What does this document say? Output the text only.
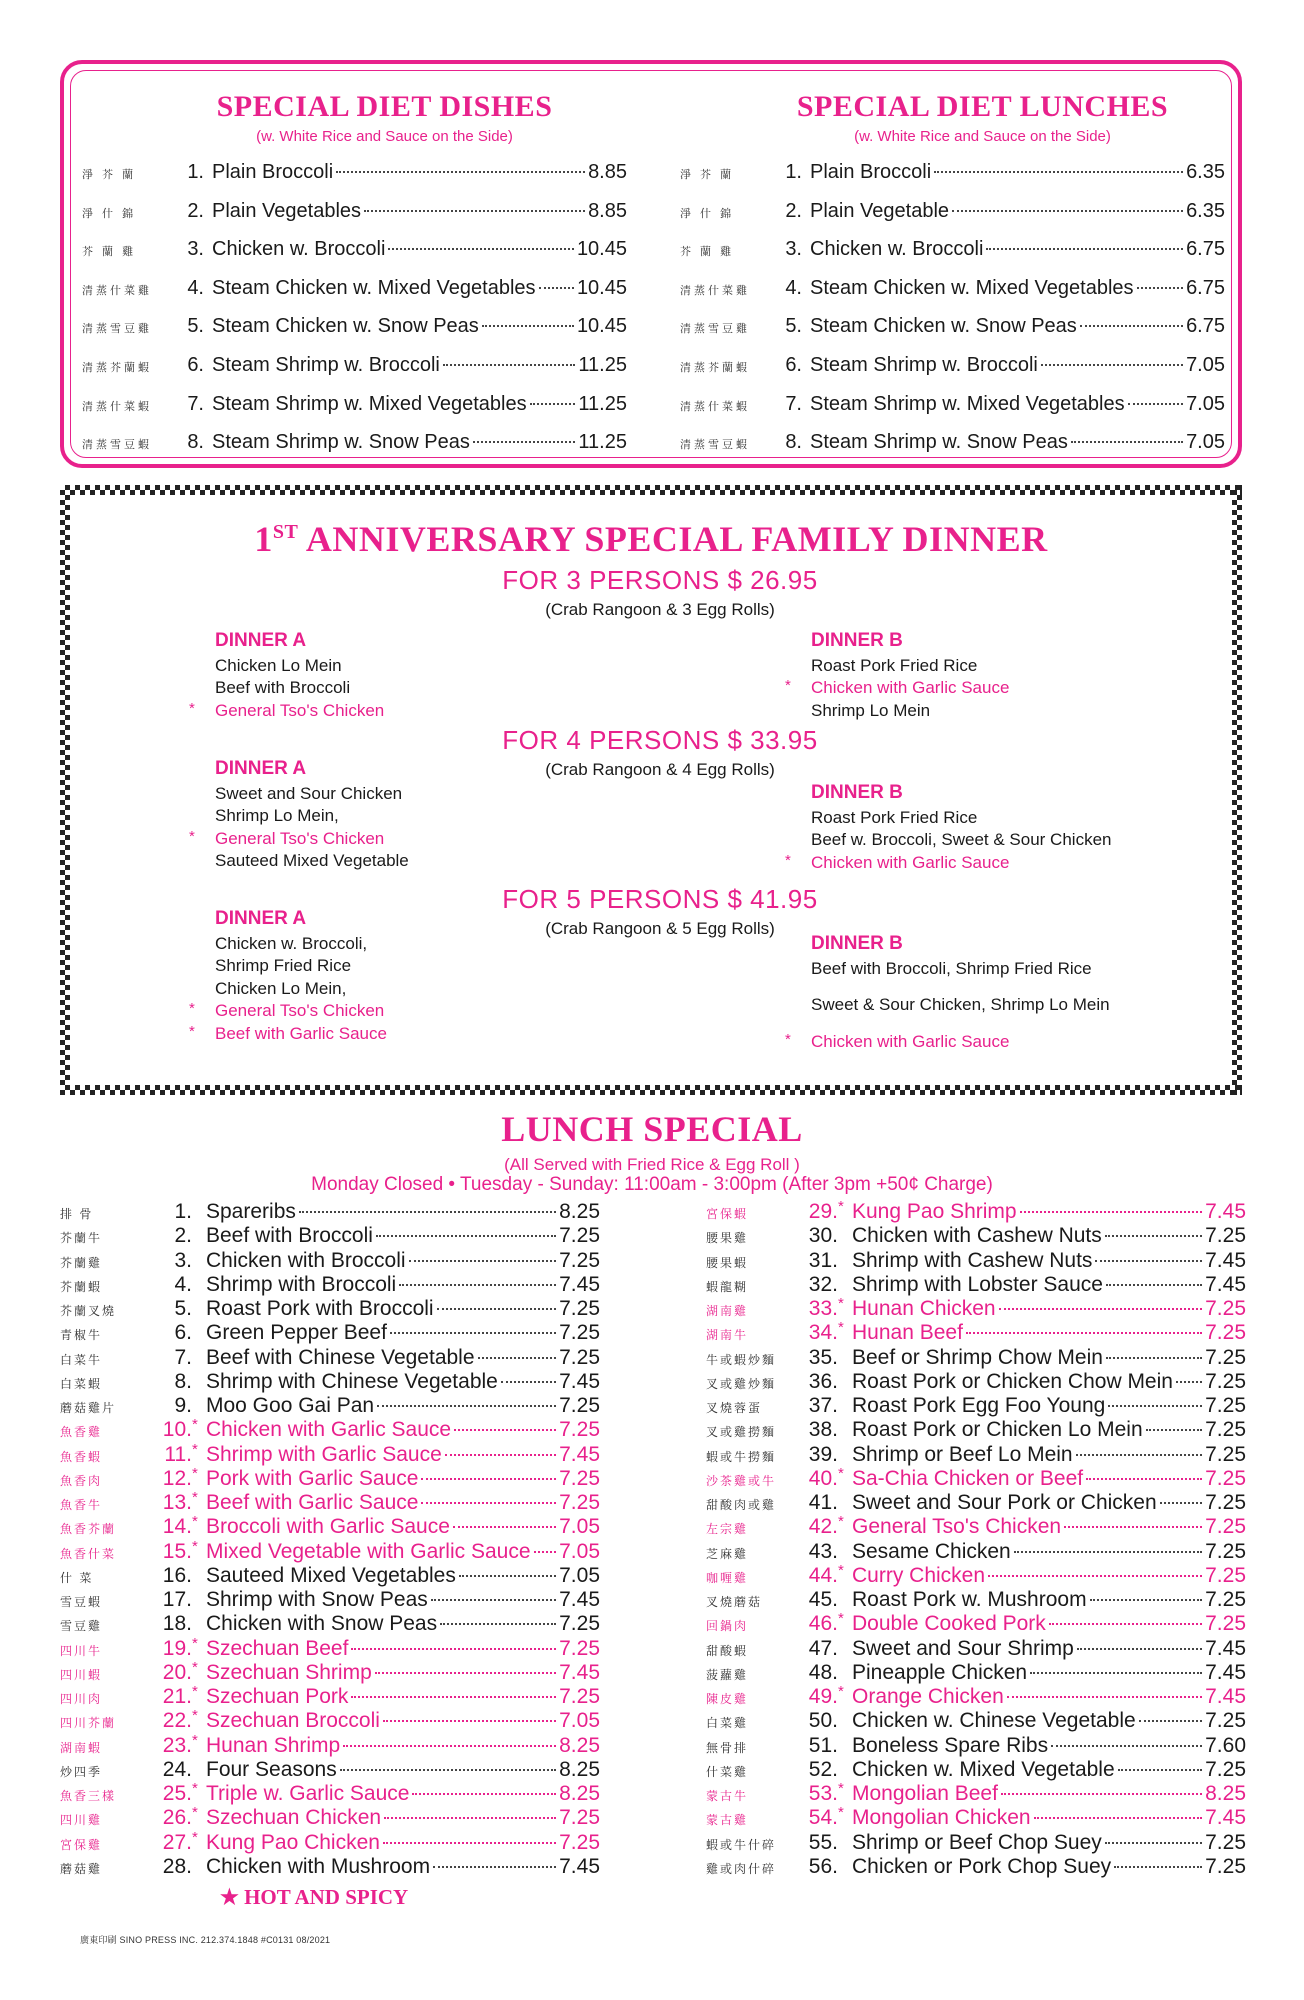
SPECIAL DIET DISHES
(w. White Rice and Sauce on the Side)
淨 芥 蘭	1. Plain Broccoli	8.85
淨 什 錦	2. Plain Vegetables	8.85
芥 蘭 雞	3. Chicken w. Broccoli	10.45
清蒸什菜雞	4. Steam Chicken w. Mixed Vegetables 10.45
清蒸雪豆雞	5. Steam Chicken w. Snow Peas	10.45
清蒸芥蘭蝦	6. Steam Shrimp w. Broccoli	11.25
清蒸什菜蝦	7. Steam Shrimp w. Mixed Vegetables	11.25
清蒸雪豆蝦	8. Steam Shrimp w. Snow Peas	11.25
SPECIAL DIET LUNCHES
(w. White Rice and Sauce on the Side)
淨 芥 蘭	1. Plain Broccoli	6.35
淨 什 錦	2. Plain Vegetable	6.35
芥 蘭 雞	3. Chicken w. Broccoli	6.75
清蒸什菜雞	4. Steam Chicken w. Mixed Vegetables	6.75
清蒸雪豆雞	5. Steam Chicken w. Snow Peas	6.75
清蒸芥蘭蝦	6. Steam Shrimp w. Broccoli	7.05
清蒸什菜蝦	7. Steam Shrimp w. Mixed Vegetables	7.05
清蒸雪豆蝦	8. Steam Shrimp w. Snow Peas	7.05
1ST ANNIVERSARY SPECIAL FAMILY DINNER
FOR 3 PERSONS $ 26.95
(Crab Rangoon & 3 Egg Rolls)
FOR 4 PERSONS $ 33.95
(Crab Rangoon & 4 Egg Rolls)
FOR 5 PERSONS $ 41.95
(Crab Rangoon & 5 Egg Rolls)
DINNER A
Chicken Lo Mein
Beef with Broccoli
* General Tso's Chicken
DINNER B
Roast Pork Fried Rice
* Chicken with Garlic Sauce
Shrimp Lo Mein
DINNER A
Sweet and Sour Chicken
Shrimp Lo Mein,
* General Tso's Chicken
Sauteed Mixed Vegetable
DINNER B
Roast Pork Fried Rice
Beef w. Broccoli, Sweet & Sour Chicken
* Chicken with Garlic Sauce
DINNER A
Chicken w. Broccoli,
Shrimp Fried Rice
Chicken Lo Mein,
* General Tso's Chicken
* Beef with Garlic Sauce
DINNER B
Beef with Broccoli, Shrimp Fried Rice
Sweet & Sour Chicken, Shrimp Lo Mein
* Chicken with Garlic Sauce
LUNCH SPECIAL
(All Served with Fried Rice & Egg Roll )
Monday Closed • Tuesday - Sunday: 11:00am - 3:00pm (After 3pm +50¢ Charge)
排 骨	1. Spareribs	8.25
芥蘭牛	2. Beef with Broccoli	7.25
芥蘭雞	3. Chicken with Broccoli	7.25
芥蘭蝦	4. Shrimp with Broccoli	7.45
芥蘭叉燒	5. Roast Pork with Broccoli	7.25
青椒牛	6. Green Pepper Beef	7.25
白菜牛	7. Beef with Chinese Vegetable	7.25
白菜蝦	8. Shrimp with Chinese Vegetable	7.45
蘑菇雞片	9. Moo Goo Gai Pan	7.25
魚香雞	10. * Chicken with Garlic Sauce	7.25
魚香蝦	11. * Shrimp with Garlic Sauce	7.45
魚香肉	12. * Pork with Garlic Sauce	7.25
魚香牛	13. * Beef with Garlic Sauce	7.25
魚香芥蘭	14. * Broccoli with Garlic Sauce	7.05
魚香什菜	15. * Mixed Vegetable with Garlic Sauce 7.05
什 菜	16. Sauteed Mixed Vegetables	7.05
雪豆蝦	17. Shrimp with Snow Peas	7.45
雪豆雞	18. Chicken with Snow Peas	7.25
四川牛	19. * Szechuan Beef	7.25
四川蝦	20. * Szechuan Shrimp	7.45
四川肉	21. * Szechuan Pork	7.25
四川芥蘭	22. * Szechuan Broccoli	7.05
湖南蝦	23. * Hunan Shrimp	8.25
炒四季	24. Four Seasons	8.25
魚香三樣	25. * Triple w. Garlic Sauce	8.25
四川雞	26. * Szechuan Chicken	7.25
宮保雞	27. * Kung Pao Chicken	7.25
蘑菇雞	28. Chicken with Mushroom	7.45
宮保蝦	29. * Kung Pao Shrimp	7.45
腰果雞	30. Chicken with Cashew Nuts	7.25
腰果蝦	31. Shrimp with Cashew Nuts	7.45
蝦龍糊	32. Shrimp with Lobster Sauce	7.45
湖南雞	33. * Hunan Chicken	7.25
湖南牛	34. * Hunan Beef	7.25
牛或蝦炒麵	35. Beef or Shrimp Chow Mein	7.25
叉或雞炒麵	36. Roast Pork or Chicken Chow Mein 7.25
叉燒蓉蛋	37. Roast Pork Egg Foo Young	7.25
叉或雞撈麵	38. Roast Pork or Chicken Lo Mein	7.25
蝦或牛撈麵	39. Shrimp or Beef Lo Mein	7.25
沙茶雞或牛	40. * Sa-Chia Chicken or Beef	7.25
甜酸肉或雞	41. Sweet and Sour Pork or Chicken 7.25
左宗雞	42. * General Tso's Chicken	7.25
芝麻雞	43. Sesame Chicken	7.25
咖喱雞	44. * Curry Chicken	7.25
叉燒蘑菇	45. Roast Pork w. Mushroom	7.25
回鍋肉	46. * Double Cooked Pork	7.25
甜酸蝦	47. Sweet and Sour Shrimp	7.45
菠蘿雞	48. Pineapple Chicken	7.45
陳皮雞	49. * Orange Chicken	7.45
白菜雞	50. Chicken w. Chinese Vegetable	7.25
無骨排	51. Boneless Spare Ribs	7.60
什菜雞	52. Chicken w. Mixed Vegetable	7.25
蒙古牛	53. * Mongolian Beef	8.25
蒙古雞	54. * Mongolian Chicken	7.45
蝦或牛什碎	55. Shrimp or Beef Chop Suey	7.25
雞或肉什碎	56. Chicken or Pork Chop Suey	7.25
★ HOT AND SPICY
廣東印刷 SINO PRESS INC. 212.374.1848 #C0131 08/2021
